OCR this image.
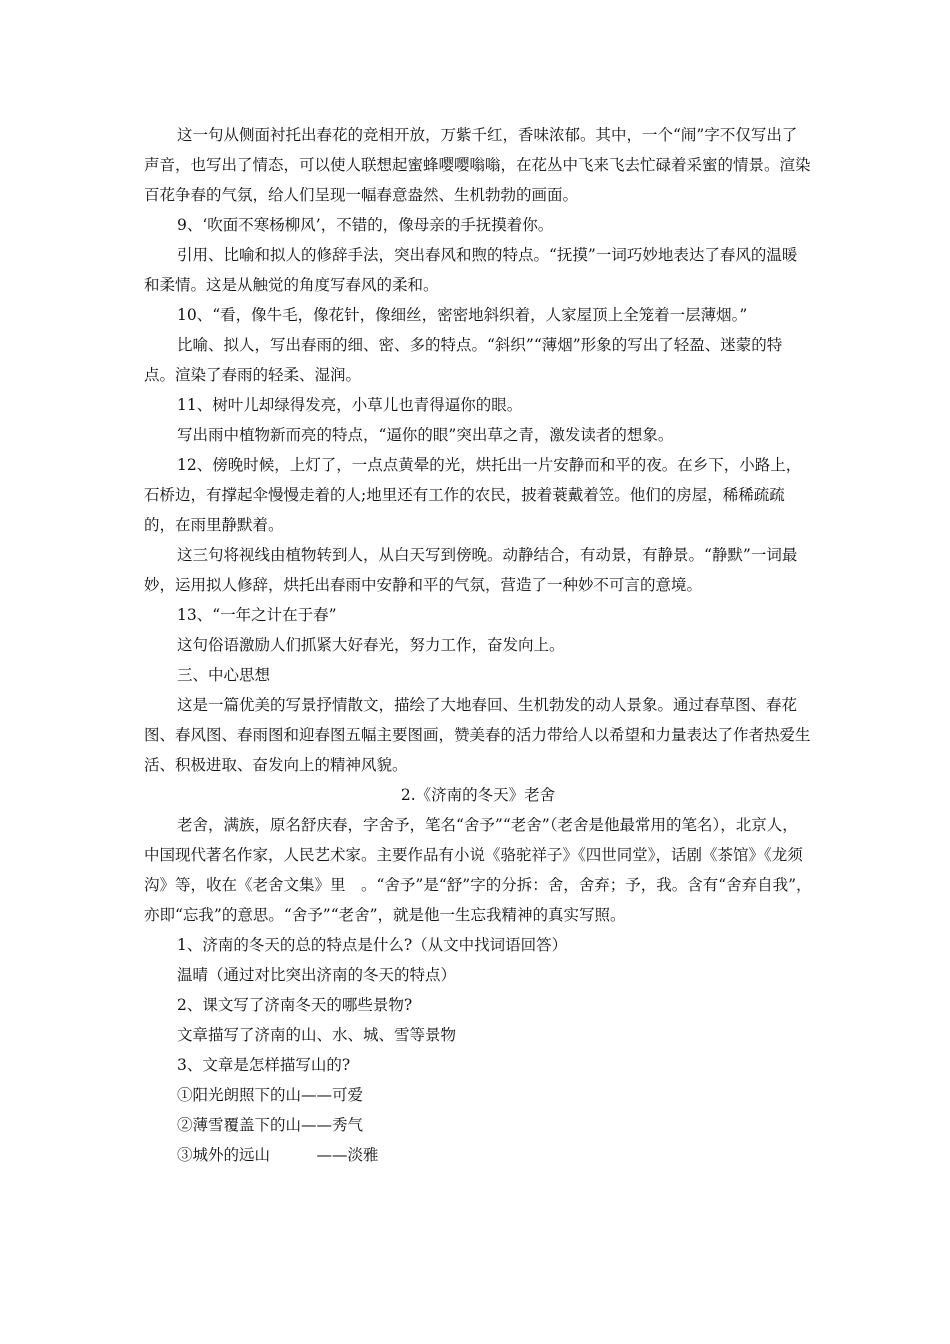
这一句从侧面衬托出春花的竞相开放，万紫千红，香味浓郁。其中，一个“闹”字不仅写出了声音，也写出了情态，可以使人联想起蜜蜂嘤嘤嗡嗡，在花丛中飞来飞去忙碌着采蜜的情景。渲染百花争春的气氛，给人们呈现一幅春意盎然、生机勃勃的画面。

9、‘吹面不寒杨柳风’，不错的，像母亲的手抚摸着你。

引用、比喻和拟人的修辞手法，突出春风和煦的特点。“抚摸”一词巧妙地表达了春风的温暖和柔情。这是从触觉的角度写春风的柔和。

10、“看，像牛毛，像花针，像细丝，密密地斜织着，人家屋顶上全笼着一层薄烟。”

比喻、拟人，写出春雨的细、密、多的特点。“斜织”“薄烟”形象的写出了轻盈、迷蒙的特点。渲染了春雨的轻柔、湿润。

11、树叶儿却绿得发亮，小草儿也青得逼你的眼。

写出雨中植物新而亮的特点，“逼你的眼”突出草之青，激发读者的想象。

12、傍晚时候，上灯了，一点点黄晕的光，烘托出一片安静而和平的夜。在乡下，小路上，石桥边，有撑起伞慢慢走着的人;地里还有工作的农民，披着蓑戴着笠。他们的房屋，稀稀疏疏的，在雨里静默着。

这三句将视线由植物转到人，从白天写到傍晚。动静结合，有动景，有静景。“静默”一词最妙，运用拟人修辞，烘托出春雨中安静和平的气氛，营造了一种妙不可言的意境。

13、“一年之计在于春”

这句俗语激励人们抓紧大好春光，努力工作，奋发向上。

三、中心思想

这是一篇优美的写景抒情散文，描绘了大地春回、生机勃发的动人景象。通过春草图、春花图、春风图、春雨图和迎春图五幅主要图画，赞美春的活力带给人以希望和力量表达了作者热爱生活、积极进取、奋发向上的精神风貌。

2.《济南的冬天》老舍

老舍，满族，原名舒庆春，字舍予，笔名“舍予”“老舍”（老舍是他最常用的笔名），北京人，中国现代著名作家，人民艺术家。主要作品有小说《骆驼祥子》《四世同堂》，话剧《茶馆》《龙须沟》等，收在《老舍文集》里　。“舍予”是“舒”字的分拆：舍，舍弃；予，我。含有“舍弃自我”，亦即“忘我”的意思。“舍予”“老舍”，就是他一生忘我精神的真实写照。

1、济南的冬天的总的特点是什么?（从文中找词语回答）

温晴（通过对比突出济南的冬天的特点）

2、课文写了济南冬天的哪些景物?

文章描写了济南的山、水、城、雪等景物

3、文章是怎样描写山的?

①阳光朗照下的山——可爱

②薄雪覆盖下的山——秀气

③城外的远山　　　——淡雅
